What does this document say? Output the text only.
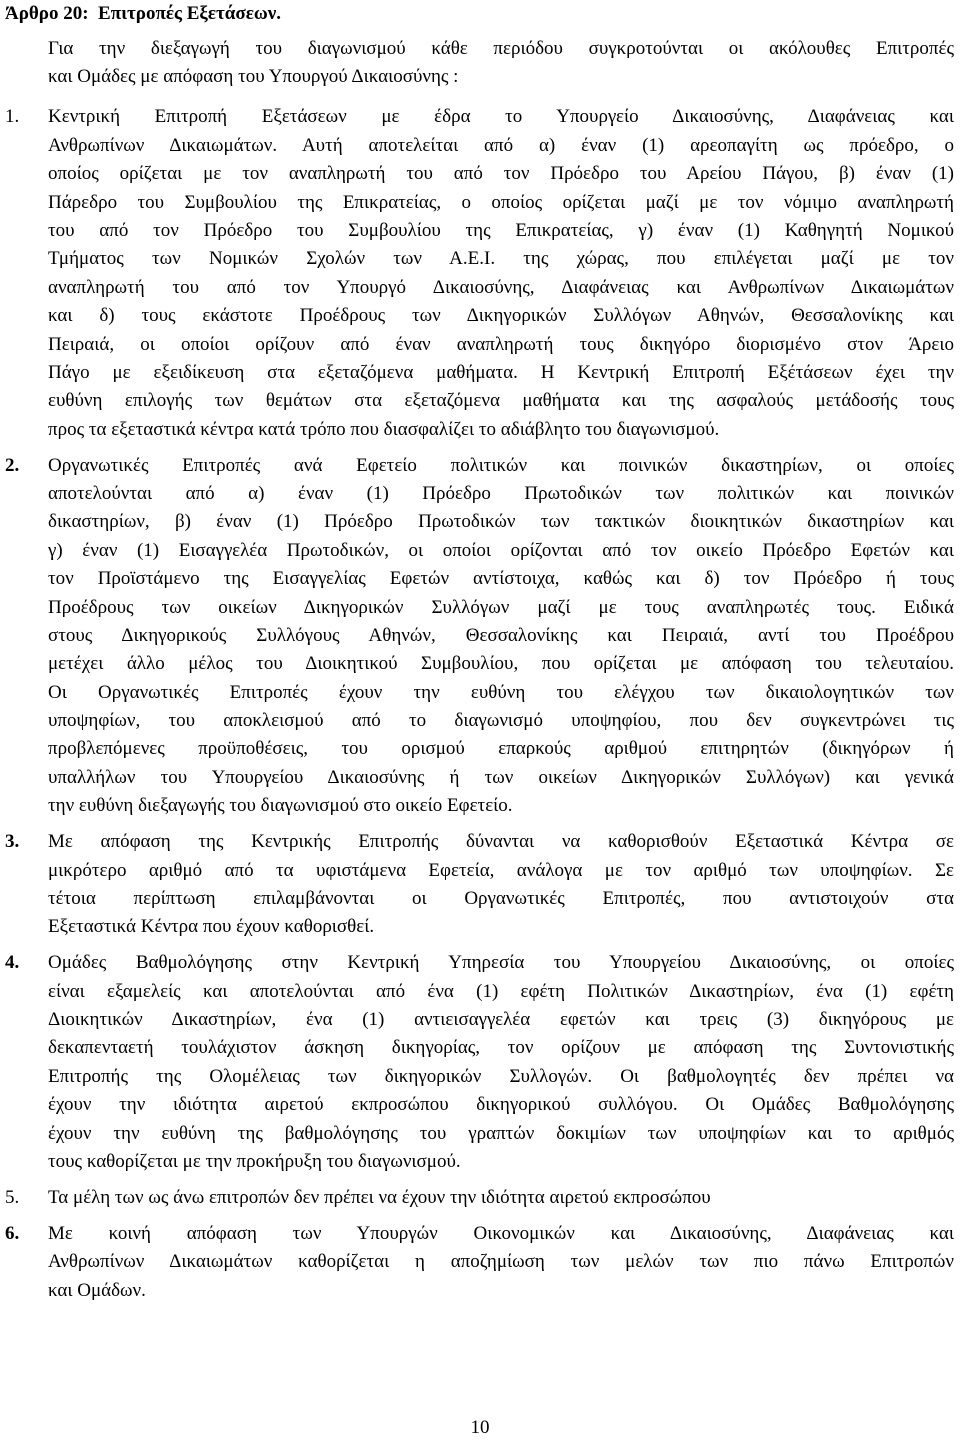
Άρθρο 20:  Επιτροπές Εξετάσεων.
Για την διεξαγωγή του διαγωνισμού κάθε περιόδου συγκροτούνται οι ακόλουθες Επιτροπές
και Ομάδες με απόφαση του Υπουργού Δικαιοσύνης :
1. Κεντρική Επιτροπή Εξετάσεων με έδρα το Υπουργείο Δικαιοσύνης, Διαφάνειας και
Ανθρωπίνων Δικαιωμάτων. Αυτή αποτελείται από α) έναν (1) αρεοπαγίτη ως πρόεδρο, ο
οποίος ορίζεται με τον αναπληρωτή του από τον Πρόεδρο του Αρείου Πάγου, β) έναν (1)
Πάρεδρο του Συμβουλίου της Επικρατείας, ο οποίος ορίζεται μαζί με τον νόμιμο αναπληρωτή
του από τον Πρόεδρο του Συμβουλίου της Επικρατείας, γ) έναν (1) Καθηγητή Νομικού
Τμήματος των Νομικών Σχολών των Α.Ε.Ι. της χώρας, που επιλέγεται μαζί με τον
αναπληρωτή του από τον Υπουργό Δικαιοσύνης, Διαφάνειας και Ανθρωπίνων Δικαιωμάτων
και δ) τους εκάστοτε Προέδρους των Δικηγορικών Συλλόγων Αθηνών, Θεσσαλονίκης και
Πειραιά, οι οποίοι ορίζουν από έναν αναπληρωτή τους δικηγόρο διορισμένο στον Άρειο
Πάγο με εξειδίκευση στα εξεταζόμενα μαθήματα. Η Κεντρική Επιτροπή Εξέτάσεων έχει την
ευθύνη επιλογής των θεμάτων στα εξεταζόμενα μαθήματα και της ασφαλούς μετάδοσής τους
προς τα εξεταστικά κέντρα κατά τρόπο που διασφαλίζει το αδιάβλητο του διαγωνισμού.
2. Οργανωτικές Επιτροπές ανά Εφετείο πολιτικών και ποινικών δικαστηρίων, οι οποίες
αποτελούνται από α) έναν (1) Πρόεδρο Πρωτοδικών των πολιτικών και ποινικών
δικαστηρίων, β) έναν (1) Πρόεδρο Πρωτοδικών των τακτικών διοικητικών δικαστηρίων και
γ) έναν (1) Εισαγγελέα Πρωτοδικών, οι οποίοι ορίζονται από τον οικείο Πρόεδρο Εφετών και
τον Προϊστάμενο της Εισαγγελίας Εφετών αντίστοιχα, καθώς και δ) τον Πρόεδρο ή τους
Προέδρους των οικείων Δικηγορικών Συλλόγων μαζί με τους αναπληρωτές τους. Ειδικά
στους Δικηγορικούς Συλλόγους Αθηνών, Θεσσαλονίκης και Πειραιά, αντί του Προέδρου
μετέχει άλλο μέλος του Διοικητικού Συμβουλίου, που ορίζεται με απόφαση του τελευταίου.
Οι Οργανωτικές Επιτροπές έχουν την ευθύνη του ελέγχου των δικαιολογητικών των
υποψηφίων, του αποκλεισμού από το διαγωνισμό υποψηφίου, που δεν συγκεντρώνει τις
προβλεπόμενες προϋποθέσεις, του ορισμού επαρκούς αριθμού επιτηρητών (δικηγόρων ή
υπαλλήλων του Υπουργείου Δικαιοσύνης ή των οικείων Δικηγορικών Συλλόγων) και γενικά
την ευθύνη διεξαγωγής του διαγωνισμού στο οικείο Εφετείο.
3. Με απόφαση της Κεντρικής Επιτροπής δύνανται να καθορισθούν Εξεταστικά Κέντρα σε
μικρότερο αριθμό από τα υφιστάμενα Εφετεία, ανάλογα με τον αριθμό των υποψηφίων. Σε
τέτοια περίπτωση επιλαμβάνονται οι Οργανωτικές Επιτροπές, που αντιστοιχούν στα
Εξεταστικά Κέντρα που έχουν καθορισθεί.
4. Ομάδες Βαθμολόγησης στην Κεντρική Υπηρεσία του Υπουργείου Δικαιοσύνης, οι οποίες
είναι εξαμελείς και αποτελούνται από ένα (1) εφέτη Πολιτικών Δικαστηρίων, ένα (1) εφέτη
Διοικητικών Δικαστηρίων, ένα (1) αντιεισαγγελέα εφετών και τρεις (3) δικηγόρους με
δεκαπενταετή τουλάχιστον άσκηση δικηγορίας, τον ορίζουν με απόφαση της Συντονιστικής
Επιτροπής της Ολομέλειας των δικηγορικών Συλλογών. Οι βαθμολογητές δεν πρέπει να
έχουν την ιδιότητα αιρετού εκπροσώπου δικηγορικού συλλόγου. Οι Ομάδες Βαθμολόγησης
έχουν την ευθύνη της βαθμολόγησης του γραπτών δοκιμίων των υποψηφίων και το αριθμός
τους καθορίζεται με την προκήρυξη του διαγωνισμού.
5. Τα μέλη των ως άνω επιτροπών δεν πρέπει να έχουν την ιδιότητα αιρετού εκπροσώπου
6. Με κοινή απόφαση των Υπουργών Οικονομικών και Δικαιοσύνης, Διαφάνειας και
Ανθρωπίνων Δικαιωμάτων καθορίζεται η αποζημίωση των μελών των πιο πάνω Επιτροπών
και Ομάδων.
10
